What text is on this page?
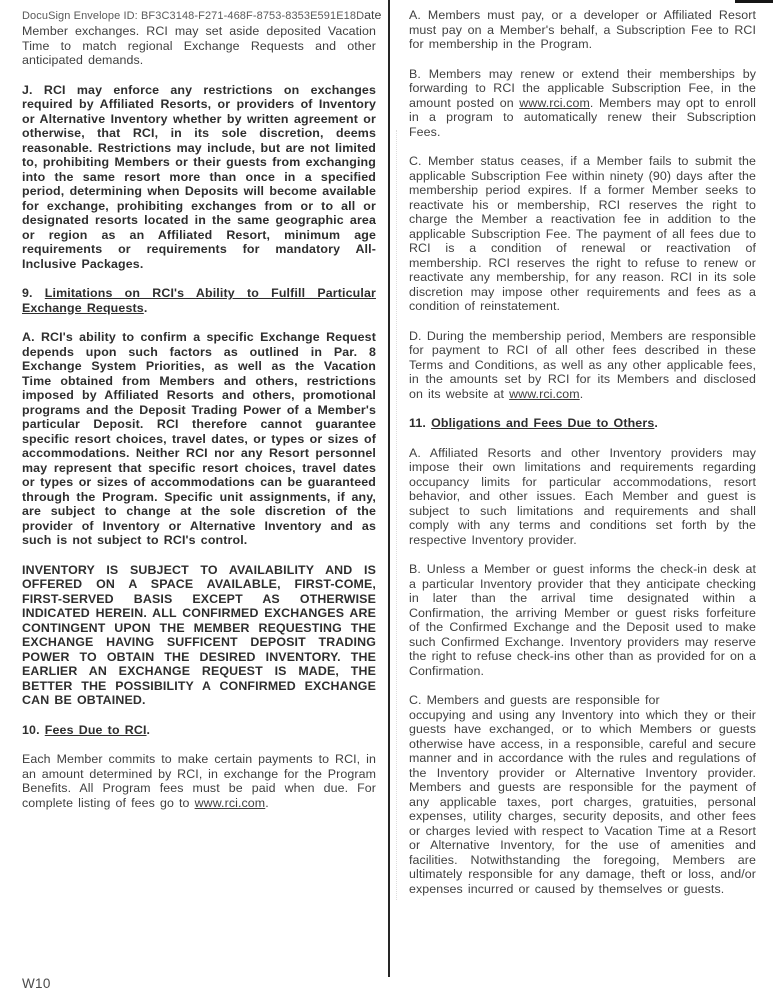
DocuSign Envelope ID: BF3C3148-F271-468F-8753-8353E591E18D ate

Member exchanges. RCI may set aside deposited Vacation Time to match regional Exchange Requests and other anticipated demands.

J. RCI may enforce any restrictions on exchanges required by Affiliated Resorts, or providers of Inventory or Alternative Inventory whether by written agreement or otherwise, that RCI, in its sole discretion, deems reasonable. Restrictions may include, but are not limited to, prohibiting Members or their guests from exchanging into the same resort more than once in a specified period, determining when Deposits will become available for exchange, prohibiting exchanges from or to all or designated resorts located in the same geographic area or region as an Affiliated Resort, minimum age requirements or requirements for mandatory All-Inclusive Packages.

9. Limitations on RCI's Ability to Fulfill Particular Exchange Requests.

A. RCI's ability to confirm a specific Exchange Request depends upon such factors as outlined in Par. 8 Exchange System Priorities, as well as the Vacation Time obtained from Members and others, restrictions imposed by Affiliated Resorts and others, promotional programs and the Deposit Trading Power of a Member's particular Deposit. RCI therefore cannot guarantee specific resort choices, travel dates, or types or sizes of accommodations. Neither RCI nor any Resort personnel may represent that specific resort choices, travel dates or types or sizes of accommodations can be guaranteed through the Program. Specific unit assignments, if any, are subject to change at the sole discretion of the provider of Inventory or Alternative Inventory and as such is not subject to RCI's control.

INVENTORY IS SUBJECT TO AVAILABILITY AND IS OFFERED ON A SPACE AVAILABLE, FIRST-COME, FIRST-SERVED BASIS EXCEPT AS OTHERWISE INDICATED HEREIN. ALL CONFIRMED EXCHANGES ARE CONTINGENT UPON THE MEMBER REQUESTING THE EXCHANGE HAVING SUFFICENT DEPOSIT TRADING POWER TO OBTAIN THE DESIRED INVENTORY. THE EARLIER AN EXCHANGE REQUEST IS MADE, THE BETTER THE POSSIBILITY A CONFIRMED EXCHANGE CAN BE OBTAINED.

10. Fees Due to RCI.

Each Member commits to make certain payments to RCI, in an amount determined by RCI, in exchange for the Program Benefits. All Program fees must be paid when due. For complete listing of fees go to www.rci.com.

A. Members must pay, or a developer or Affiliated Resort must pay on a Member's behalf, a Subscription Fee to RCI for membership in the Program.

B. Members may renew or extend their memberships by forwarding to RCI the applicable Subscription Fee, in the amount posted on www.rci.com. Members may opt to enroll in a program to automatically renew their Subscription Fees.

C. Member status ceases, if a Member fails to submit the applicable Subscription Fee within ninety (90) days after the membership period expires. If a former Member seeks to reactivate his or membership, RCI reserves the right to charge the Member a reactivation fee in addition to the applicable Subscription Fee. The payment of all fees due to RCI is a condition of renewal or reactivation of membership. RCI reserves the right to refuse to renew or reactivate any membership, for any reason. RCI in its sole discretion may impose other requirements and fees as a condition of reinstatement.

D. During the membership period, Members are responsible for payment to RCI of all other fees described in these Terms and Conditions, as well as any other applicable fees, in the amounts set by RCI for its Members and disclosed on its website at www.rci.com.

11. Obligations and Fees Due to Others.

A. Affiliated Resorts and other Inventory providers may impose their own limitations and requirements regarding occupancy limits for particular accommodations, resort behavior, and other issues. Each Member and guest is subject to such limitations and requirements and shall comply with any terms and conditions set forth by the respective Inventory provider.

B. Unless a Member or guest informs the check-in desk at a particular Inventory provider that they anticipate checking in later than the arrival time designated within a Confirmation, the arriving Member or guest risks forfeiture of the Confirmed Exchange and the Deposit used to make such Confirmed Exchange. Inventory providers may reserve the right to refuse check-ins other than as provided for on a Confirmation.

C. Members and guests are responsible for
occupying and using any Inventory into which they or their guests have exchanged, or to which Members or guests otherwise have access, in a responsible, careful and secure manner and in accordance with the rules and regulations of the Inventory provider or Alternative Inventory provider. Members and guests are responsible for the payment of any applicable taxes, port charges, gratuities, personal expenses, utility charges, security deposits, and other fees or charges levied with respect to Vacation Time at a Resort or Alternative Inventory, for the use of amenities and facilities. Notwithstanding the foregoing, Members are ultimately responsible for any damage, theft or loss, and/or expenses incurred or caused by themselves or guests.

W10
